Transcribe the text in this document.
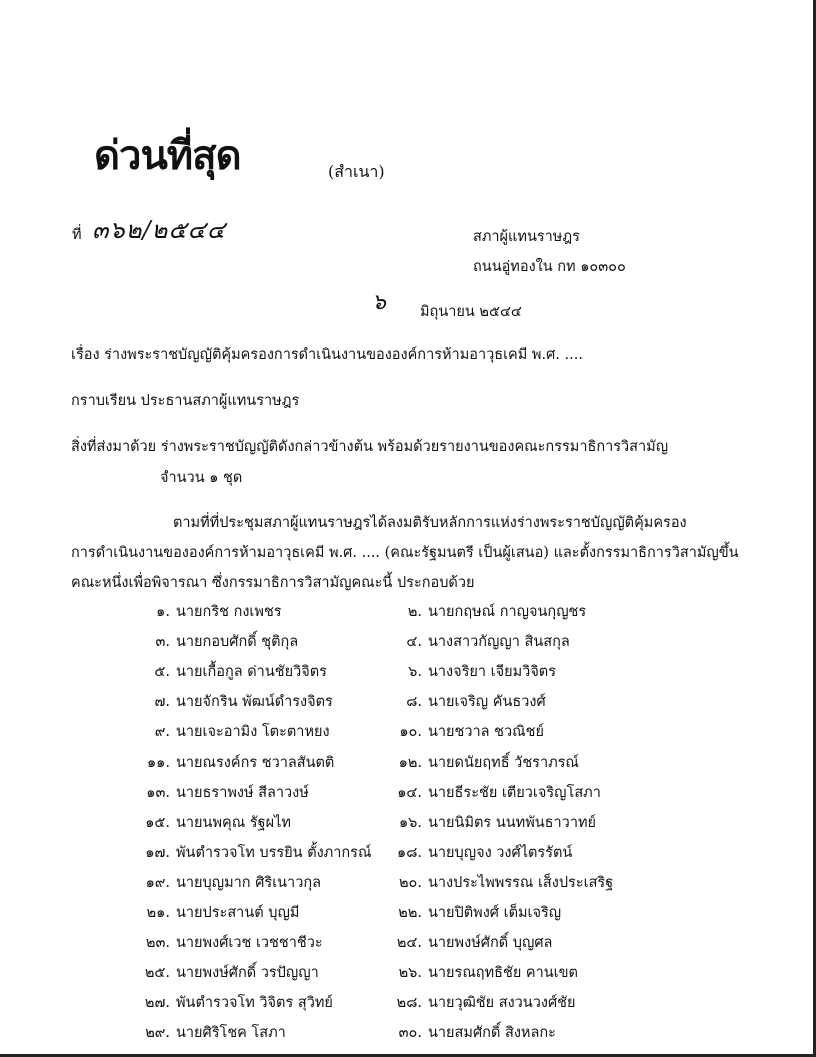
ด่วนที่สุด	(สำเนา)
ที่ ๓๖๒/๒๕๔๔	สภาผู้แทนราษฎร
ถนนอู่ทองใน กท ๑๐๓๐๐
๖ มิถุนายน ๒๕๔๔
เรื่อง ร่างพระราชบัญญัติคุ้มครองการดำเนินงานขององค์การห้ามอาวุธเคมี พ.ศ. ....
กราบเรียน ประธานสภาผู้แทนราษฎร
สิ่งที่ส่งมาด้วย ร่างพระราชบัญญัติดังกล่าวข้างต้น พร้อมด้วยรายงานของคณะกรรมาธิการวิสามัญ
จำนวน ๑ ชุด
ตามที่ที่ประชุมสภาผู้แทนราษฎรได้ลงมติรับหลักการแห่งร่างพระราชบัญญัติคุ้มครอง
การดำเนินงานขององค์การห้ามอาวุธเคมี พ.ศ. .... (คณะรัฐมนตรี เป็นผู้เสนอ) และตั้งกรรมาธิการวิสามัญขึ้น
คณะหนึ่งเพื่อพิจารณา ซึ่งกรรมาธิการวิสามัญคณะนี้ ประกอบด้วย
๑. นายกริช กงเพชร	๒. นายกฤษณ์ กาญจนกุญชร
๓. นายกอบศักดิ์ ชุติกุล	๔. นางสาวกัญญา สินสกุล
๕. นายเกื้อกูล ด่านชัยวิจิตร	๖. นางจริยา เจียมวิจิตร
๗. นายจักริน พัฒน์ดำรงจิตร	๘. นายเจริญ คันธวงศ์
๙. นายเจะอามิง โตะตาหยง	๑๐. นายชวาล ชวณิชย์
๑๑. นายณรงค์กร ชวาลสันตติ	๑๒. นายดนัยฤทธิ์ วัชราภรณ์
๑๓. นายธราพงษ์ สีลาวงษ์	๑๔. นายธีระชัย เตียวเจริญโสภา
๑๕. นายนพคุณ รัฐผไท	๑๖. นายนิมิตร นนทพันธาวาทย์
๑๗. พันตำรวจโท บรรยิน ตั้งภากรณ์	๑๘. นายบุญจง วงศ์ไตรรัตน์
๑๙. นายบุญมาก ศิริเนาวกุล	๒๐. นางประไพพรรณ เส็งประเสริฐ
๒๑. นายประสานต์ บุญมี	๒๒. นายปิติพงศ์ เต็มเจริญ
๒๓. นายพงศ์เวช เวชชาชีวะ	๒๔. นายพงษ์ศักดิ์ บุญศล
๒๕. นายพงษ์ศักดิ์ วรปัญญา	๒๖. นายรณฤทธิชัย คานเขต
๒๗. พันตำรวจโท วิจิตร สุวิทย์	๒๘. นายวุฒิชัย สงวนวงศ์ชัย
๒๙. นายศิริโชค โสภา	๓๐. นายสมศักดิ์ สิงหลกะ
